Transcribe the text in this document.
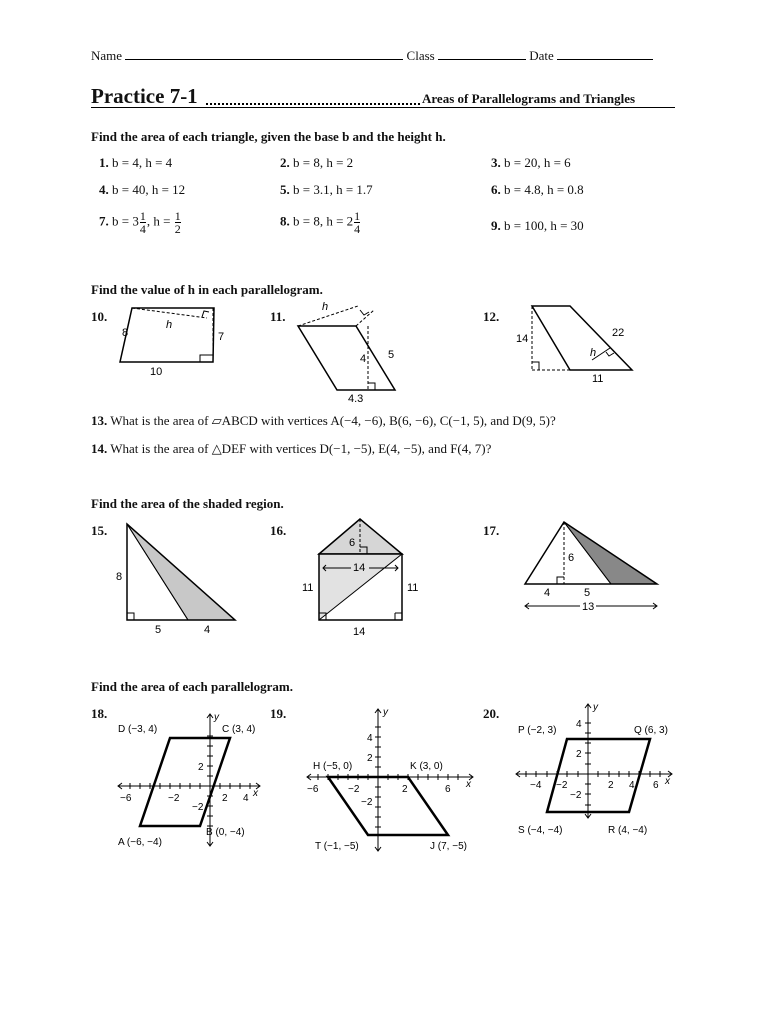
Name	Class	Date
Practice 7-1	Areas of Parallelograms and Triangles
Find the area of each triangle, given the base b and the height h.
1. b = 4, h = 4	2. b = 8, h = 2	3. b = 20, h = 6
4. b = 40, h = 12	5. b = 3.1, h = 1.7	6. b = 4.8, h = 0.8
7. $b = 3 \frac{1}{4}$ , $h = \frac{1}{2}$	8. b = 8, $h = 2 \frac{1}{4}$	9. b = 100, h = 30
Find the value of h in each parallelogram.
10.
8
h
7
10
11.
h
4 5
4.3
12.
14	22
h
11
13. What is the area of ▱ABCD with vertices A(−4, −6), B(6, −6), C(−1, 5), and D(9, 5)?
14. What is the area of △DEF with vertices D(−1, −5), E(4, −5), and F(4, 7)?
Find the area of the shaded region.
15.
8
5	4
16.
6
14
11	11
14
17.
6
4	5
13
Find the area of each parallelogram.
18.
−6	−2	2 4
2
−2
x
y
D (−3, 4)	C (3, 4)
A (−6, −4)
B (0, −4)
19.
−6	−2	2	6
4
2
−2
x
y
H (−5, 0)	K (3, 0)
T (−1, −5)	J (7, −5)
20.
−4 −2	2 4 6
4
2
−2
x
y
P (−2, 3)	Q (6, 3)
S (−4, −4)	R (4, −4)
